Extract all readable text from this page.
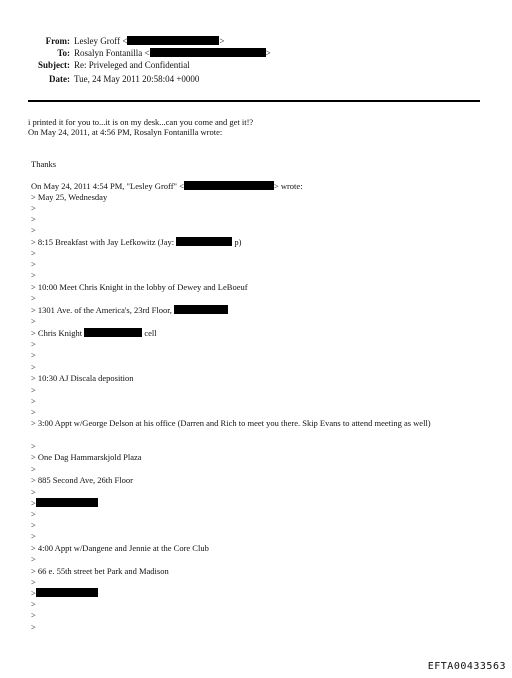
From: Lesley Groff <	>
To: Rosalyn Fontanilla <	>
Subject: Re: Priveleged and Confidential
Date: Tue, 24 May 2011 20:58:04 +0000
i printed it for you to...it is on my desk...can you come and get it!?
On May 24, 2011, at 4:56 PM, Rosalyn Fontanilla wrote:
Thanks
On May 24, 2011 4:54 PM, "Lesley Groff" <	> wrote:
> May 25, Wednesday
>
>
>
> 8:15 Breakfast with Jay Lefkowitz (Jay:	p)
>
>
>
> 10:00 Meet Chris Knight in the lobby of Dewey and LeBoeuf
>
> 1301 Ave. of the America's, 23rd Floor,
>
> Chris Knight	cell
>
>
>
> 10:30 AJ Discala deposition
>
>
>
> 3:00 Appt w/George Delson at his office (Darren and Rich to meet you there. Skip Evans to attend meeting as well)
>
> One Dag Hammarskjold Plaza
>
> 885 Second Ave, 26th Floor
>
>
>
>
>
> 4:00 Appt w/Dangene and Jennie at the Core Club
>
> 66 e. 55th street bet Park and Madison
>
>
>
>
>
EFTA00433563
